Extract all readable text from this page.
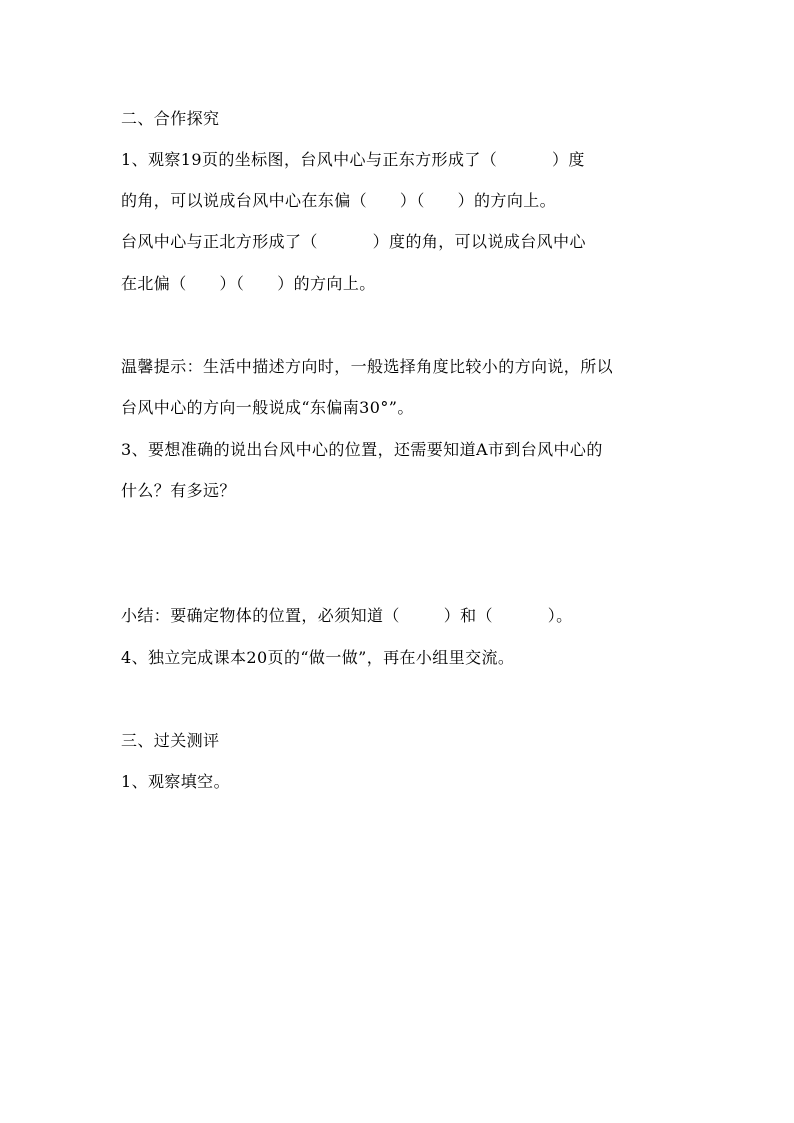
二、合作探究
1、观察19页的坐标图，台风中心与正东方形成了（          ）度
的角，可以说成台风中心在东偏（      ）（      ）的方向上。
台风中心与正北方形成了（          ）度的角，可以说成台风中心
在北偏（      ）（      ）的方向上。
温馨提示：生活中描述方向时，一般选择角度比较小的方向说，所以
台风中心的方向一般说成“东偏南30°”。
3、要想准确的说出台风中心的位置，还需要知道A市到台风中心的
什么？有多远？
小结：要确定物体的位置，必须知道（        ）和（          ）。
4、独立完成课本20页的“做一做”，再在小组里交流。
三、过关测评
1、观察填空。
